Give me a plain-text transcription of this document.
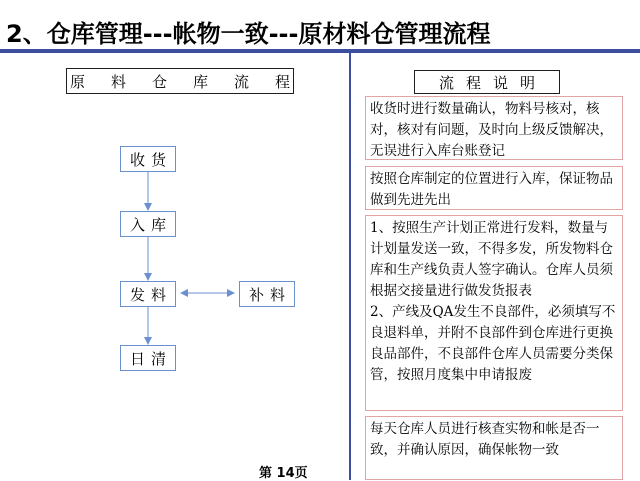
2、仓库管理---帐物一致---原材料仓管理流程
原料仓库流程	流程说明
收货
入库
发料
日清
补料
收货时进行数量确认，物料号核对，核对，核对有问题，及时向上级反馈解决，无误进行入库台账登记
按照仓库制定的位置进行入库，保证物品做到先进先出
1、按照生产计划正常进行发料，数量与计划量发送一致，不得多发，所发物料仓库和生产线负责人签字确认。仓库人员须根据交接量进行做发货报表
2、产线及QA发生不良部件，必须填写不良退料单，并附不良部件到仓库进行更换良品部件，不良部件仓库人员需要分类保管，按照月度集中申请报废
每天仓库人员进行核查实物和帐是否一致，并确认原因，确保帐物一致
第 14页
